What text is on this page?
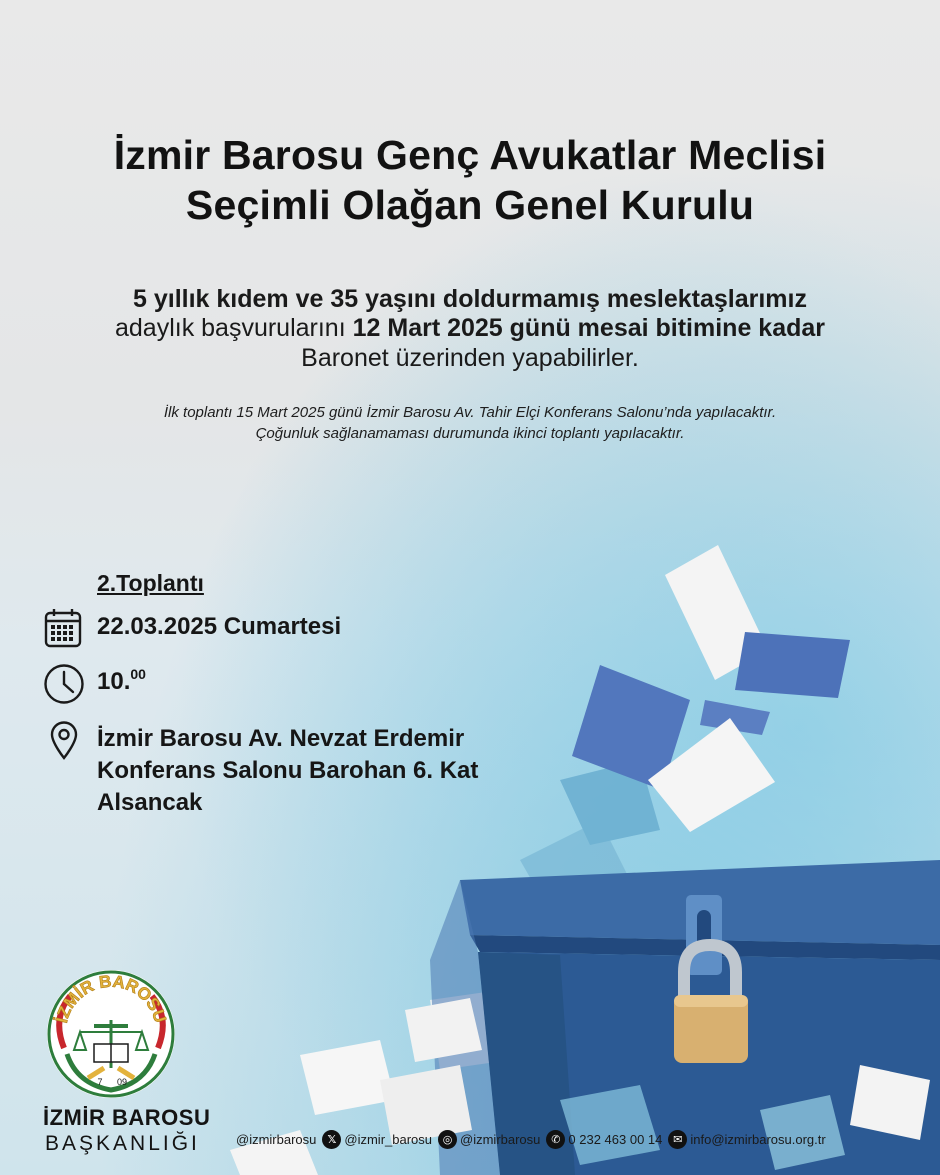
İzmir Barosu Genç Avukatlar Meclisi
Seçimli Olağan Genel Kurulu
5 yıllık kıdem ve 35 yaşını doldurmamış meslektaşlarımız
adaylık başvurularını 12 Mart 2025 günü mesai bitimine kadar
Baronet üzerinden yapabilirler.
İlk toplantı 15 Mart 2025 günü İzmir Barosu Av. Tahir Elçi Konferans Salonu’nda yapılacaktır.
Çoğunluk sağlanamaması durumunda ikinci toplantı yapılacaktır.
2.Toplantı
22.03.2025 Cumartesi
10.00
İzmir Barosu Av. Nevzat Erdemir
Konferans Salonu Barohan 6. Kat
Alsancak
İZMİR BAROSU
7 09
İZMİR BAROSU
BAŞKANLIĞI	@izmirbarosu	𝕏 @izmir_barosu ◎ @izmirbarosu ✆ 0 232 463 00 14 ✉ info@izmirbarosu.org.tr
